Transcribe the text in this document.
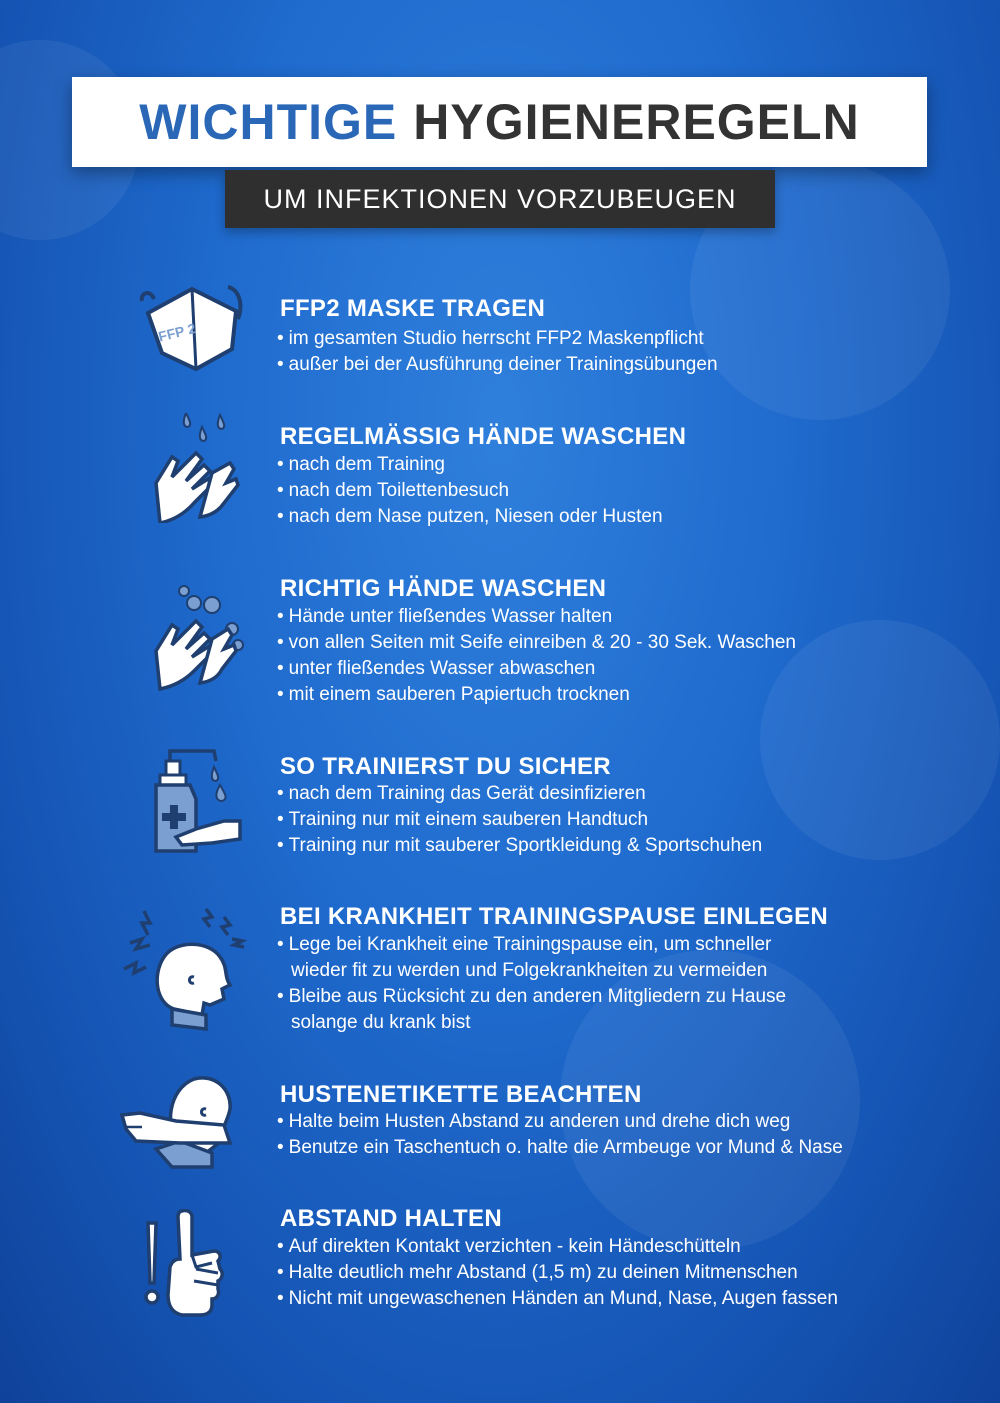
WICHTIGE HYGIENEREGELN
UM INFEKTIONEN VORZUBEUGEN
FFP 2
FFP2 MASKE TRAGEN
• im gesamten Studio herrscht FFP2 Maskenpflicht
• außer bei der Ausführung deiner Trainingsübungen
REGELMÄSSIG HÄNDE WASCHEN
• nach dem Training
• nach dem Toilettenbesuch
• nach dem Nase putzen, Niesen oder Husten
RICHTIG HÄNDE WASCHEN
• Hände unter fließendes Wasser halten
• von allen Seiten mit Seife einreiben & 20 - 30 Sek. Waschen
• unter fließendes Wasser abwaschen
• mit einem sauberen Papiertuch trocknen
SO TRAINIERST DU SICHER
• nach dem Training das Gerät desinfizieren
• Training nur mit einem sauberen Handtuch
• Training nur mit sauberer Sportkleidung & Sportschuhen
BEI KRANKHEIT TRAININGSPAUSE EINLEGEN
• Lege bei Krankheit eine Trainingspause ein, um schneller
wieder fit zu werden und Folgekrankheiten zu vermeiden
• Bleibe aus Rücksicht zu den anderen Mitgliedern zu Hause
solange du krank bist
HUSTENETIKETTE BEACHTEN
• Halte beim Husten Abstand zu anderen und drehe dich weg
• Benutze ein Taschentuch o. halte die Armbeuge vor Mund & Nase
ABSTAND HALTEN
• Auf direkten Kontakt verzichten - kein Händeschütteln
• Halte deutlich mehr Abstand (1,5 m) zu deinen Mitmenschen
• Nicht mit ungewaschenen Händen an Mund, Nase, Augen fassen
